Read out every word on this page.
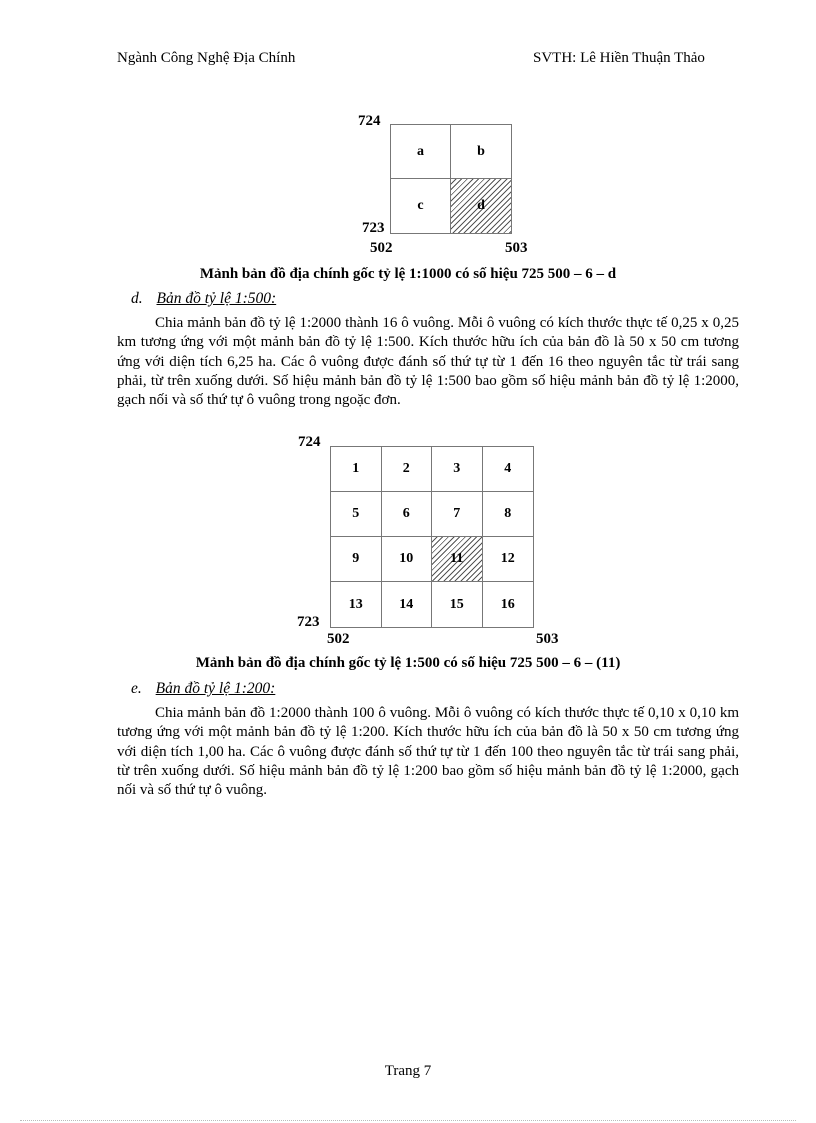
Ngành Công Nghệ Địa Chính	SVTH: Lê Hiền Thuận Thảo
724
723
502	503
a	b
c	d
Mảnh bản đồ địa chính gốc tỷ lệ 1:1000 có số hiệu 725 500 – 6 – d
d. Bản đồ tỷ lệ 1:500:
Chia mảnh bản đồ tỷ lệ 1:2000 thành 16 ô vuông. Mỗi ô vuông có kích thước thực tế 0,25 x 0,25 km tương ứng với một mảnh bản đồ tỷ lệ 1:500. Kích thước hữu ích của bản đồ là 50 x 50 cm tương ứng với diện tích 6,25 ha. Các ô vuông được đánh số thứ tự từ 1 đến 16 theo nguyên tắc từ trái sang phải, từ trên xuống dưới. Số hiệu mảnh bản đồ tỷ lệ 1:500 bao gồm số hiệu mảnh bản đồ tỷ lệ 1:2000, gạch nối và số thứ tự ô vuông trong ngoặc đơn.
724
723
502	503
1	2	3	4
5	6	7	8
9	10	11	12
13	14	15	16
Mảnh bản đồ địa chính gốc tỷ lệ 1:500 có số hiệu 725 500 – 6 – (11)
e. Bản đồ tỷ lệ 1:200:
Chia mảnh bản đồ 1:2000 thành 100 ô vuông. Mỗi ô vuông có kích thước thực tế 0,10 x 0,10 km tương ứng với một mảnh bản đồ tỷ lệ 1:200. Kích thước hữu ích của bản đồ là 50 x 50 cm tương ứng với diện tích 1,00 ha. Các ô vuông được đánh số thứ tự từ 1 đến 100 theo nguyên tắc từ trái sang phải, từ trên xuống dưới. Số hiệu mảnh bản đồ tỷ lệ 1:200 bao gồm số hiệu mảnh bản đồ tỷ lệ 1:2000, gạch nối và số thứ tự ô vuông.
Trang 7
